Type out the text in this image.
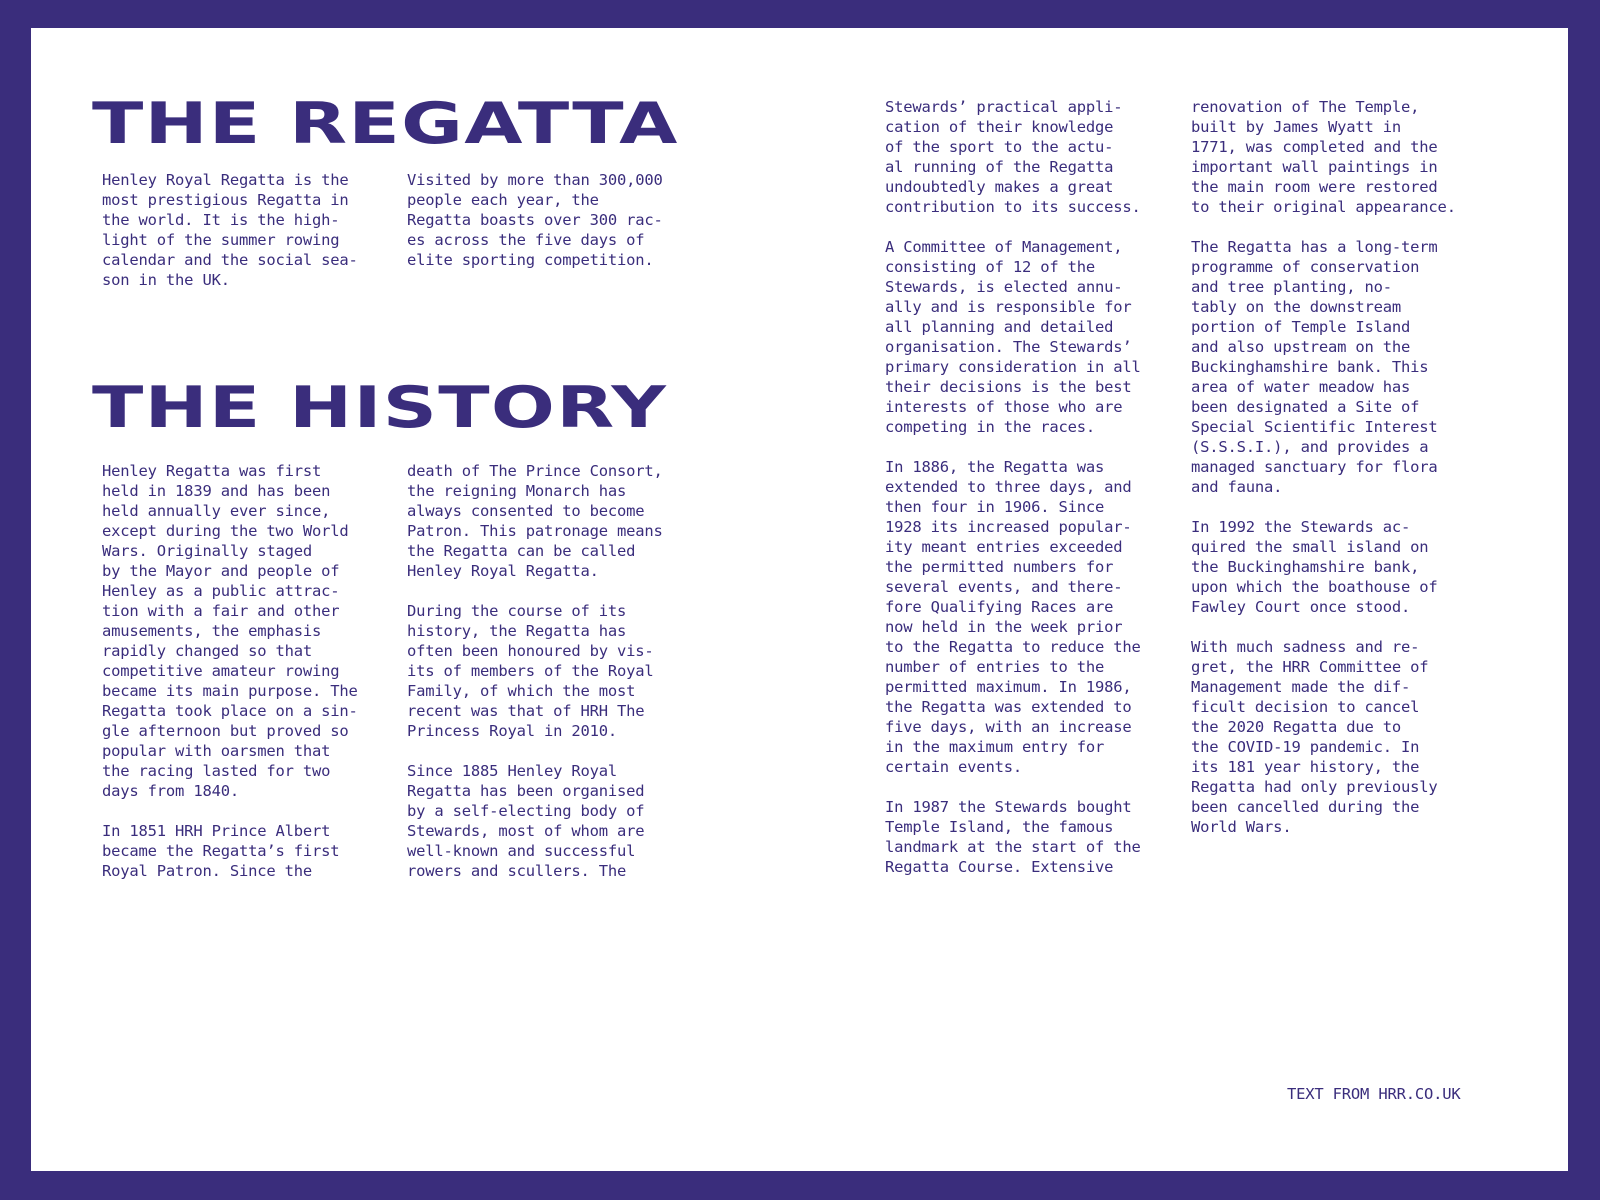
THE REGATTA

Henley Royal Regatta is the
most prestigious Regatta in
the world. It is the high-
light of the summer rowing
calendar and the social sea-
son in the UK.

Visited by more than 300,000
people each year, the
Regatta boasts over 300 rac-
es across the five days of
elite sporting competition.

THE HISTORY

Henley Regatta was first
held in 1839 and has been
held annually ever since,
except during the two World
Wars. Originally staged
by the Mayor and people of
Henley as a public attrac-
tion with a fair and other
amusements, the emphasis
rapidly changed so that
competitive amateur rowing
became its main purpose. The
Regatta took place on a sin-
gle afternoon but proved so
popular with oarsmen that
the racing lasted for two
days from 1840.

In 1851 HRH Prince Albert
became the Regatta’s first
Royal Patron. Since the

death of The Prince Consort,
the reigning Monarch has
always consented to become
Patron. This patronage means
the Regatta can be called
Henley Royal Regatta.

During the course of its
history, the Regatta has
often been honoured by vis-
its of members of the Royal
Family, of which the most
recent was that of HRH The
Princess Royal in 2010.

Since 1885 Henley Royal
Regatta has been organised
by a self-electing body of
Stewards, most of whom are
well-known and successful
rowers and scullers. The

Stewards’ practical appli-
cation of their knowledge
of the sport to the actu-
al running of the Regatta
undoubtedly makes a great
contribution to its success.

A Committee of Management,
consisting of 12 of the
Stewards, is elected annu-
ally and is responsible for
all planning and detailed
organisation. The Stewards’
primary consideration in all
their decisions is the best
interests of those who are
competing in the races.

In 1886, the Regatta was
extended to three days, and
then four in 1906. Since
1928 its increased popular-
ity meant entries exceeded
the permitted numbers for
several events, and there-
fore Qualifying Races are
now held in the week prior
to the Regatta to reduce the
number of entries to the
permitted maximum. In 1986,
the Regatta was extended to
five days, with an increase
in the maximum entry for
certain events.

In 1987 the Stewards bought
Temple Island, the famous
landmark at the start of the
Regatta Course. Extensive

renovation of The Temple,
built by James Wyatt in
1771, was completed and the
important wall paintings in
the main room were restored
to their original appearance.

The Regatta has a long-term
programme of conservation
and tree planting, no-
tably on the downstream
portion of Temple Island
and also upstream on the
Buckinghamshire bank. This
area of water meadow has
been designated a Site of
Special Scientific Interest
(S.S.S.I.), and provides a
managed sanctuary for flora
and fauna.

In 1992 the Stewards ac-
quired the small island on
the Buckinghamshire bank,
upon which the boathouse of
Fawley Court once stood.

With much sadness and re-
gret, the HRR Committee of
Management made the dif-
ficult decision to cancel
the 2020 Regatta due to
the COVID-19 pandemic. In
its 181 year history, the
Regatta had only previously
been cancelled during the
World Wars.

TEXT FROM HRR.CO.UK
